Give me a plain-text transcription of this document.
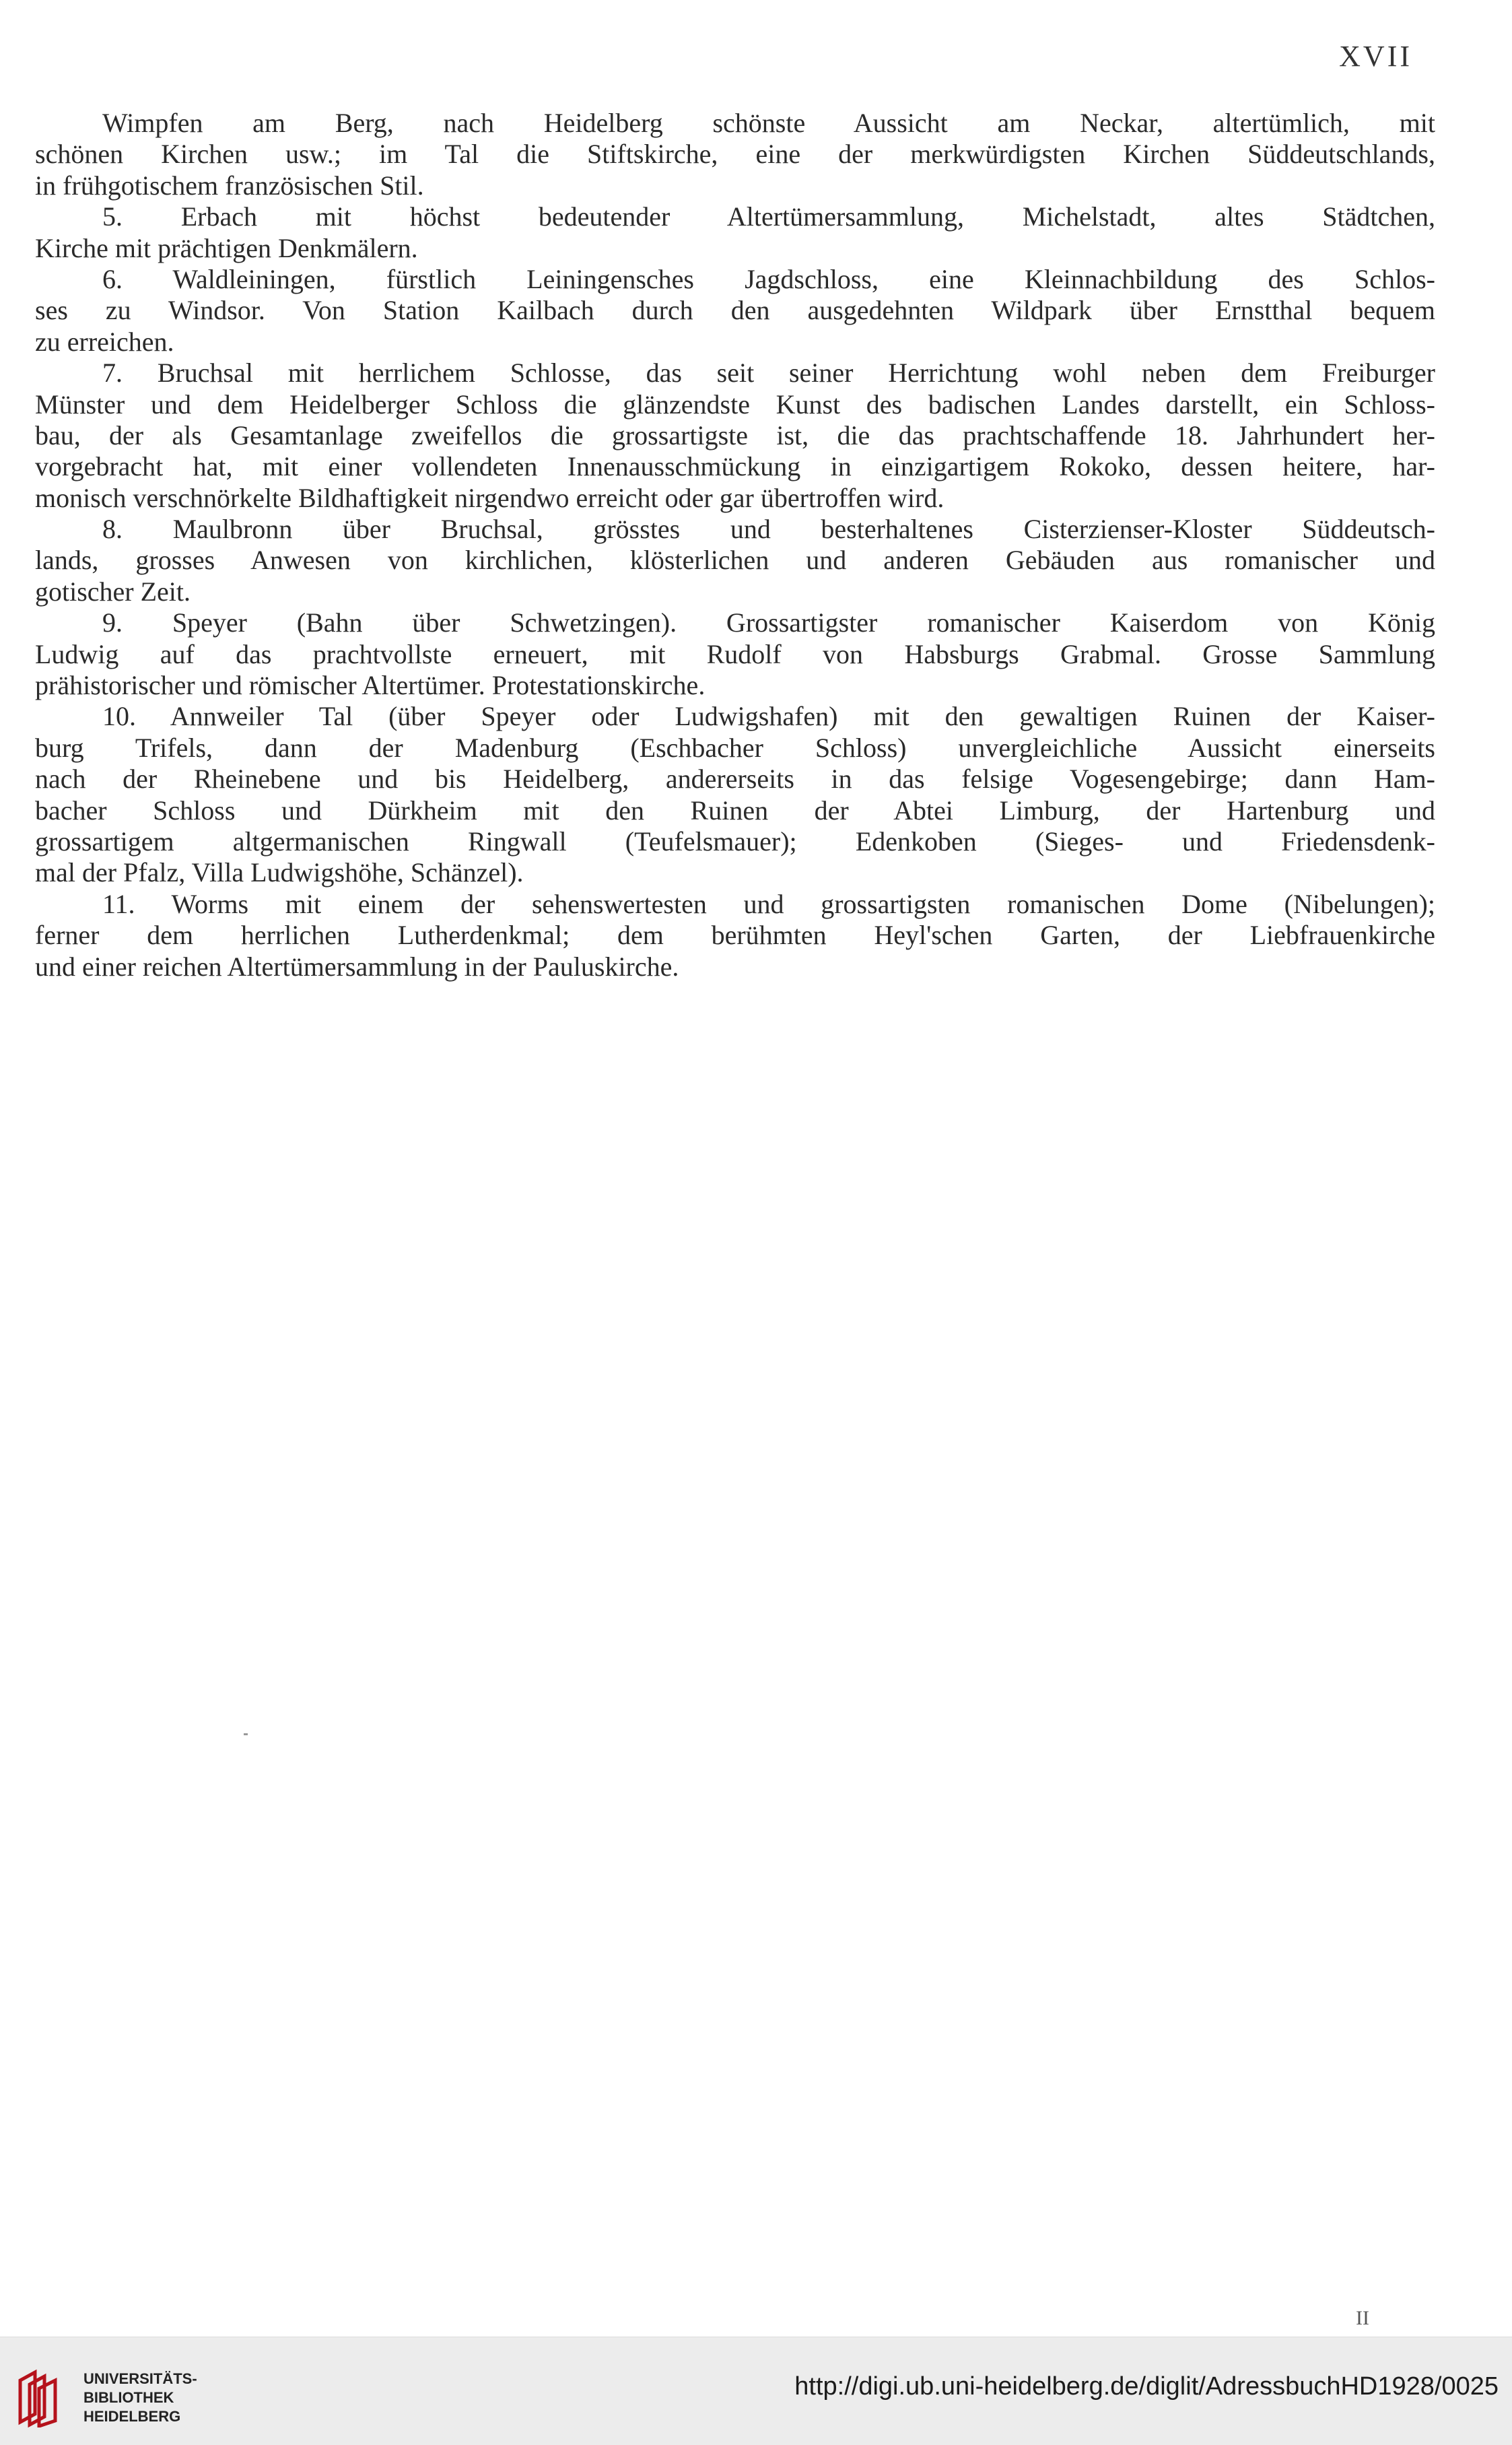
XVII
Wimpfen am Berg, nach Heidelberg schönste Aussicht am Neckar, altertümlich, mit
schönen Kirchen usw.; im Tal die Stiftskirche, eine der merkwürdigsten Kirchen Süddeutschlands,
in frühgotischem französischen Stil.
5. Erbach mit höchst bedeutender Altertümersammlung, Michelstadt, altes Städtchen,
Kirche mit prächtigen Denkmälern.
6. Waldleiningen, fürstlich Leiningensches Jagdschloss, eine Kleinnachbildung des Schlos-
ses zu Windsor. Von Station Kailbach durch den ausgedehnten Wildpark über Ernstthal bequem
zu erreichen.
7. Bruchsal mit herrlichem Schlosse, das seit seiner Herrichtung wohl neben dem Freiburger
Münster und dem Heidelberger Schloss die glänzendste Kunst des badischen Landes darstellt, ein Schloss-
bau, der als Gesamtanlage zweifellos die grossartigste ist, die das prachtschaffende 18. Jahrhundert her-
vorgebracht hat, mit einer vollendeten Innenausschmückung in einzigartigem Rokoko, dessen heitere, har-
monisch verschnörkelte Bildhaftigkeit nirgendwo erreicht oder gar übertroffen wird.
8. Maulbronn über Bruchsal, grösstes und besterhaltenes Cisterzienser-Kloster Süddeutsch-
lands, grosses Anwesen von kirchlichen, klösterlichen und anderen Gebäuden aus romanischer und
gotischer Zeit.
9. Speyer (Bahn über Schwetzingen). Grossartigster romanischer Kaiserdom von König
Ludwig auf das prachtvollste erneuert, mit Rudolf von Habsburgs Grabmal. Grosse Sammlung
prähistorischer und römischer Altertümer. Protestationskirche.
10. Annweiler Tal (über Speyer oder Ludwigshafen) mit den gewaltigen Ruinen der Kaiser-
burg Trifels, dann der Madenburg (Eschbacher Schloss) unvergleichliche Aussicht einerseits
nach der Rheinebene und bis Heidelberg, andererseits in das felsige Vogesengebirge; dann Ham-
bacher Schloss und Dürkheim mit den Ruinen der Abtei Limburg, der Hartenburg und
grossartigem altgermanischen Ringwall (Teufelsmauer); Edenkoben (Sieges- und Friedensdenk-
mal der Pfalz, Villa Ludwigshöhe, Schänzel).
11. Worms mit einem der sehenswertesten und grossartigsten romanischen Dome (Nibelungen);
ferner dem herrlichen Lutherdenkmal; dem berühmten Heyl'schen Garten, der Liebfrauenkirche
und einer reichen Altertümersammlung in der Pauluskirche.
II
UNIVERSITÄTS-
BIBLIOTHEK
HEIDELBERG
http://digi.ub.uni-heidelberg.de/diglit/AdressbuchHD1928/0025
